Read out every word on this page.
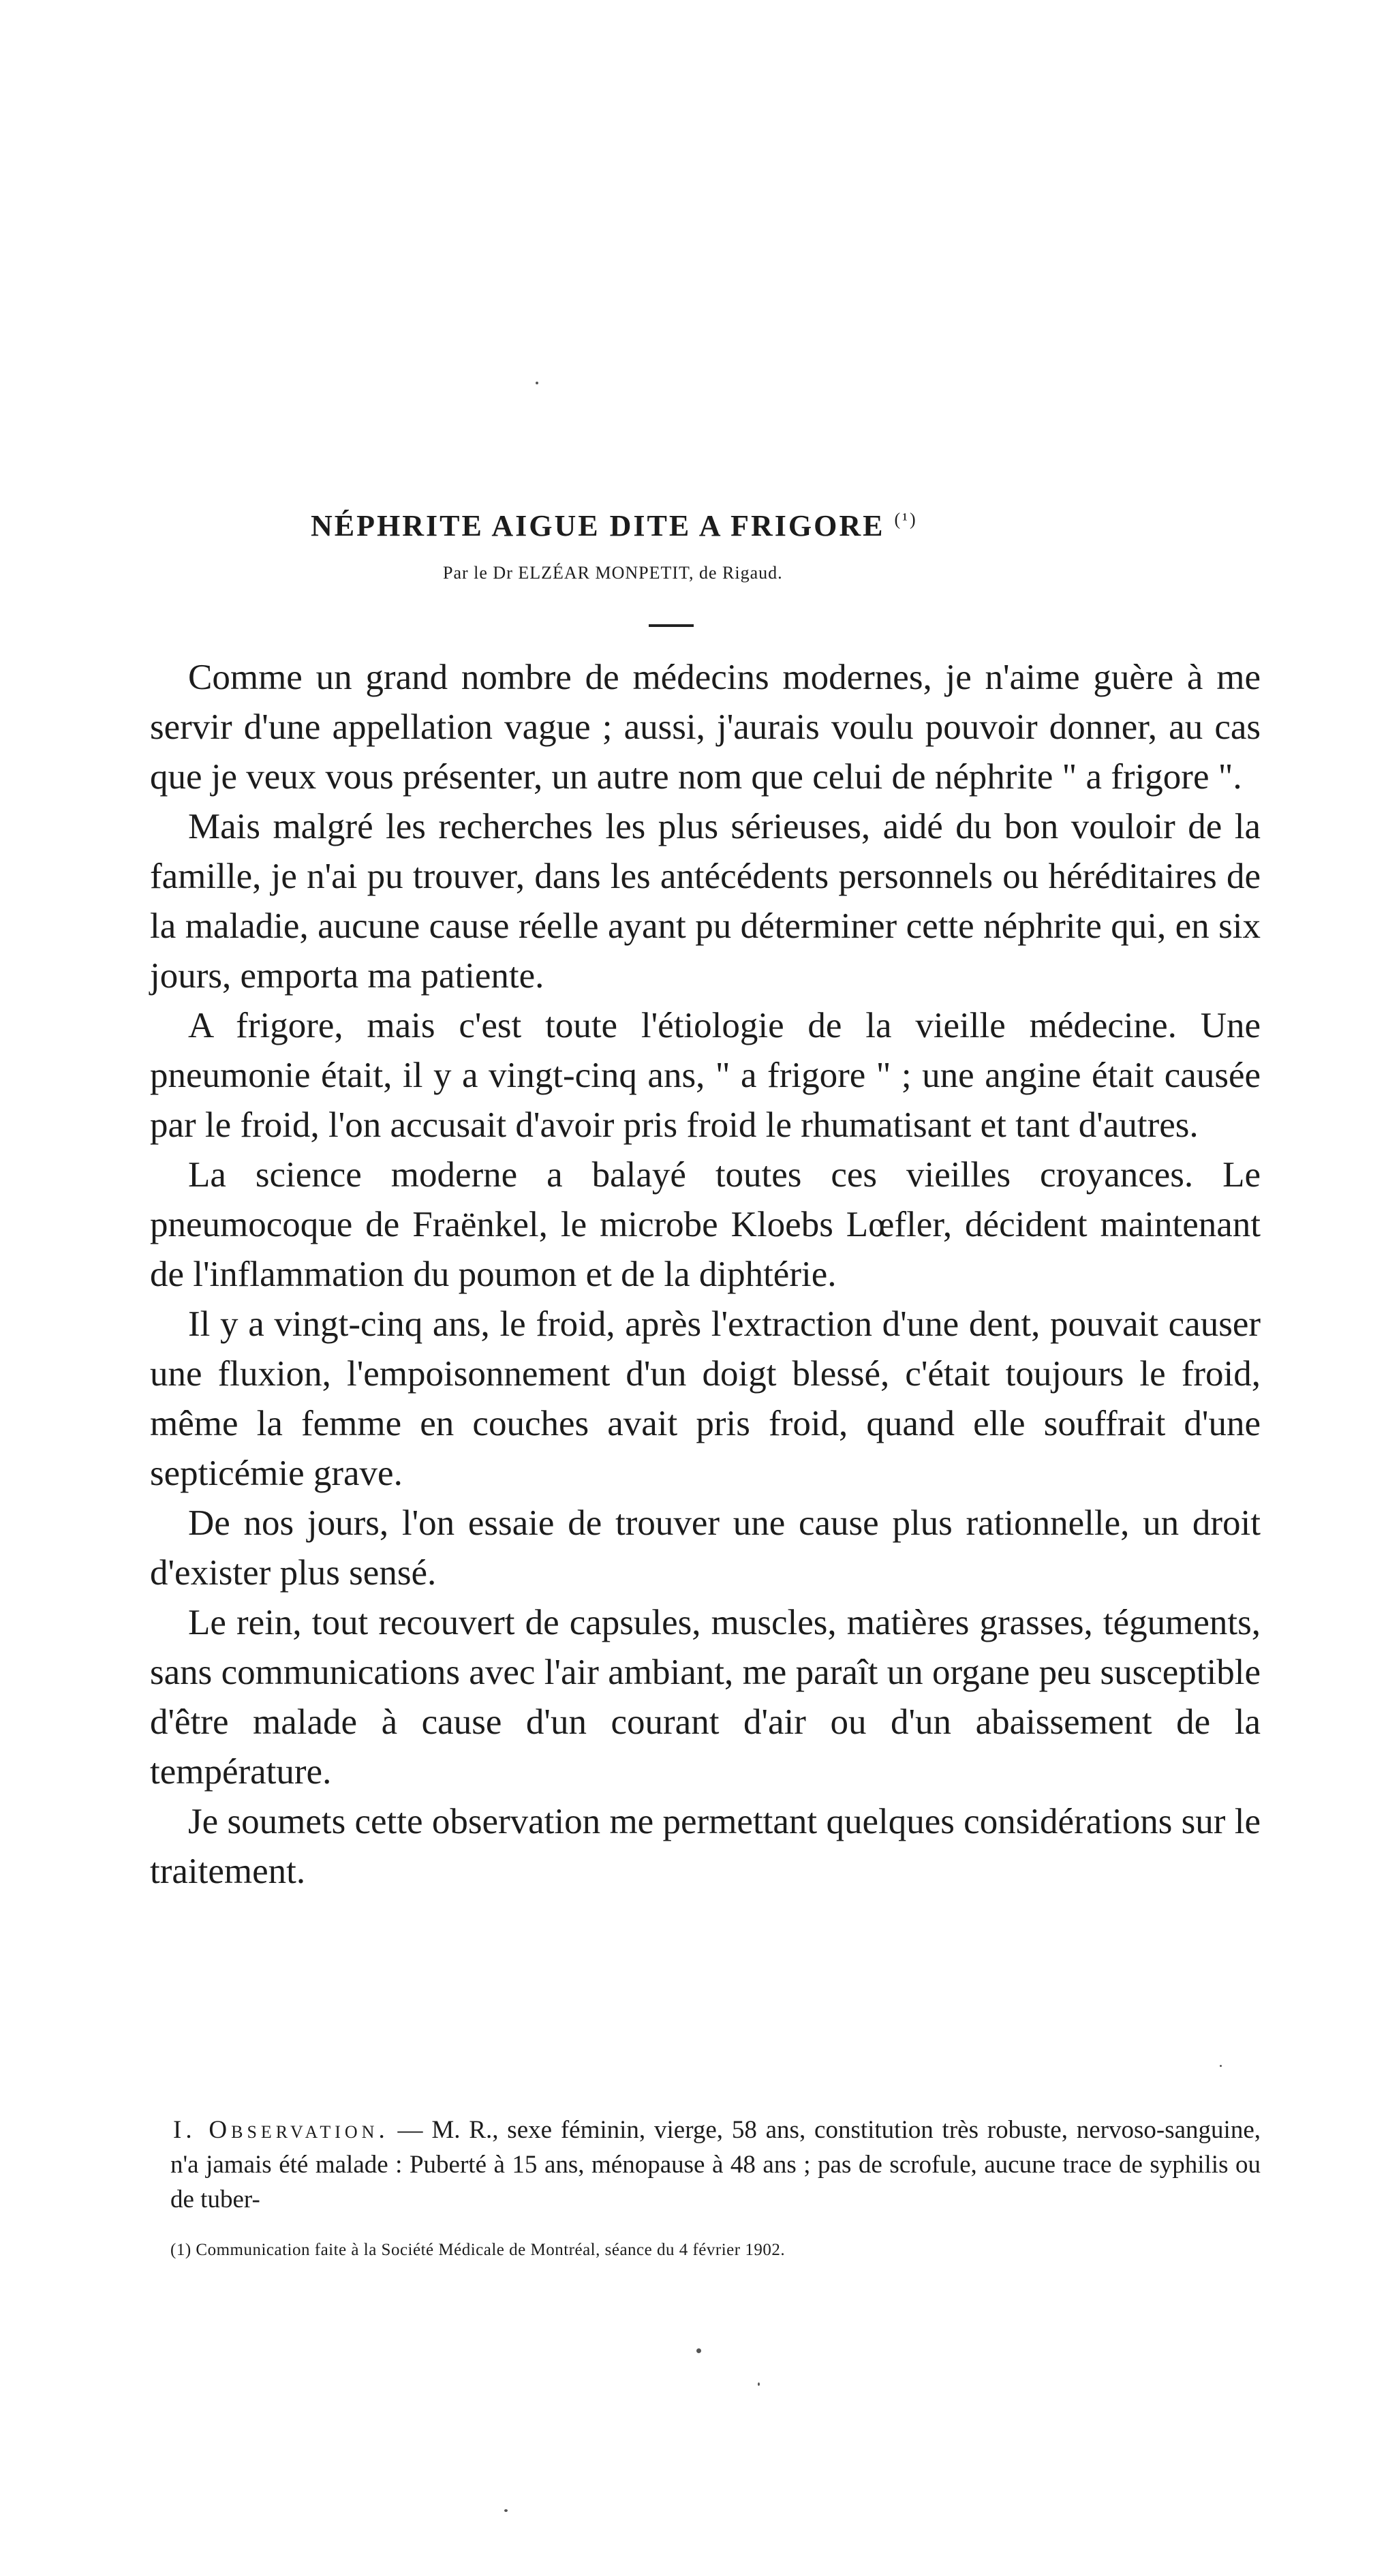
NÉPHRITE AIGUE DITE A FRIGORE $^{(^1)}$
Par le Dr ELZÉAR MONPETIT, de Rigaud.

Comme un grand nombre de médecins modernes, je n'aime guère à me servir d'une appellation vague ; aussi, j'aurais voulu pouvoir donner, au cas que je veux vous présenter, un autre nom que celui de néphrite " a frigore ".

Mais malgré les recherches les plus sérieuses, aidé du bon vouloir de la famille, je n'ai pu trouver, dans les antécédents personnels ou héréditaires de la maladie, aucune cause réelle ayant pu déterminer cette néphrite qui, en six jours, emporta ma patiente.

A frigore, mais c'est toute l'étiologie de la vieille médecine. Une pneumonie était, il y a vingt-cinq ans, " a frigore " ; une angine était causée par le froid, l'on accusait d'avoir pris froid le rhumatisant et tant d'autres.

La science moderne a balayé toutes ces vieilles croyances. Le pneumocoque de Fraënkel, le microbe Kloebs Lœfler, décident maintenant de l'inflammation du poumon et de la diphtérie.

Il y a vingt-cinq ans, le froid, après l'extraction d'une dent, pouvait causer une fluxion, l'empoisonnement d'un doigt blessé, c'était toujours le froid, même la femme en couches avait pris froid, quand elle souffrait d'une septicémie grave.

De nos jours, l'on essaie de trouver une cause plus rationnelle, un droit d'exister plus sensé.

Le rein, tout recouvert de capsules, muscles, matières grasses, téguments, sans communications avec l'air ambiant, me paraît un organe peu susceptible d'être malade à cause d'un courant d'air ou d'un abaissement de la température.

Je soumets cette observation me permettant quelques considérations sur le traitement.

I. Observation. — M. R., sexe féminin, vierge, 58 ans, constitution très robuste, nervoso-sanguine, n'a jamais été malade : Puberté à 15 ans, ménopause à 48 ans ; pas de scrofule, aucune trace de syphilis ou de tuber-
(1) Communication faite à la Société Médicale de Montréal, séance du 4 février 1902.
